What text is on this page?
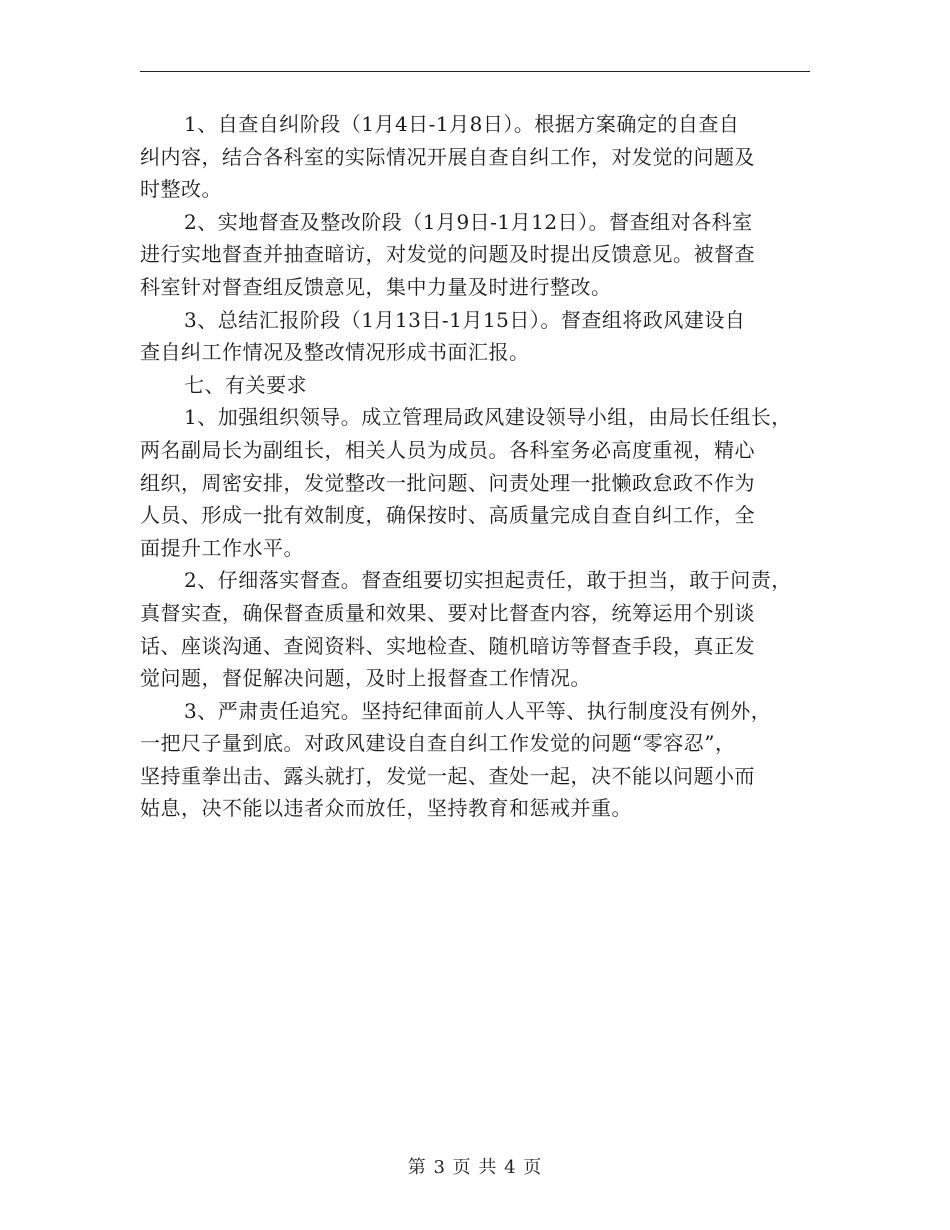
1、自查自纠阶段（1月4日-1月8日）。根据方案确定的自查自
纠内容，结合各科室的实际情况开展自查自纠工作，对发觉的问题及
时整改。
2、实地督查及整改阶段（1月9日-1月12日）。督查组对各科室
进行实地督查并抽查暗访，对发觉的问题及时提出反馈意见。被督查
科室针对督查组反馈意见，集中力量及时进行整改。
3、总结汇报阶段（1月13日-1月15日）。督查组将政风建设自
查自纠工作情况及整改情况形成书面汇报。
七、有关要求
1、加强组织领导。成立管理局政风建设领导小组，由局长任组长，
两名副局长为副组长，相关人员为成员。各科室务必高度重视，精心
组织，周密安排，发觉整改一批问题、问责处理一批懒政怠政不作为
人员、形成一批有效制度，确保按时、高质量完成自查自纠工作，全
面提升工作水平。
2、仔细落实督查。督查组要切实担起责任，敢于担当，敢于问责，
真督实查，确保督查质量和效果、要对比督查内容，统筹运用个别谈
话、座谈沟通、查阅资料、实地检查、随机暗访等督查手段，真正发
觉问题，督促解决问题，及时上报督查工作情况。
3、严肃责任追究。坚持纪律面前人人平等、执行制度没有例外，
一把尺子量到底。对政风建设自查自纠工作发觉的问题“零容忍”，
坚持重拳出击、露头就打，发觉一起、查处一起，决不能以问题小而
姑息，决不能以违者众而放任，坚持教育和惩戒并重。
第 3 页 共 4 页
